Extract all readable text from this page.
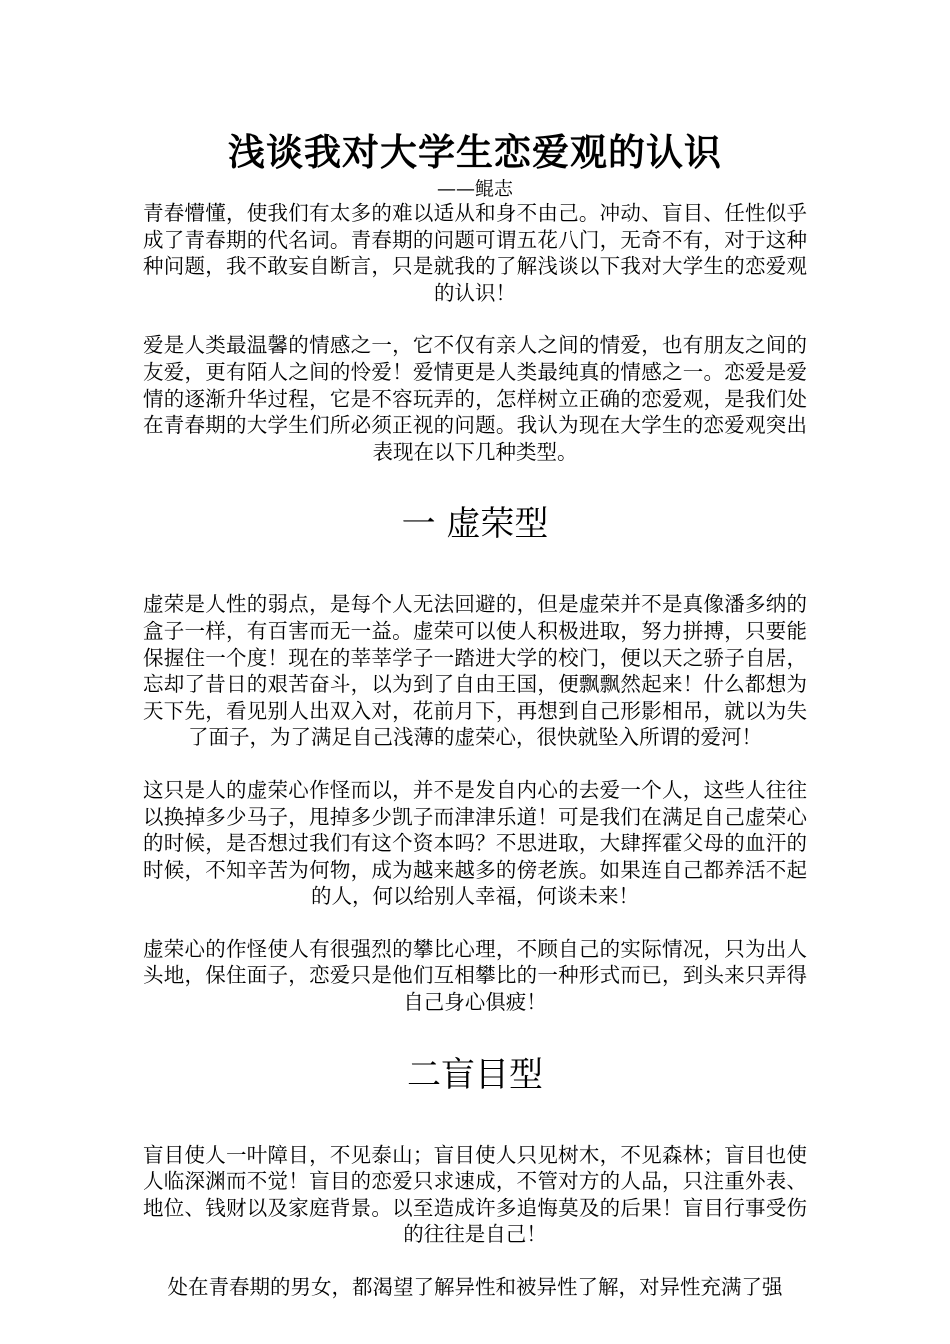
浅谈我对大学生恋爱观的认识
——鲲志

青春懵懂，使我们有太多的难以适从和身不由己。冲动、盲目、任性似乎成了青春期的代名词。青春期的问题可谓五花八门，无奇不有，对于这种种问题，我不敢妄自断言，只是就我的了解浅谈以下我对大学生的恋爱观的认识！

爱是人类最温馨的情感之一，它不仅有亲人之间的情爱，也有朋友之间的友爱，更有陌人之间的怜爱！爱情更是人类最纯真的情感之一。恋爱是爱情的逐渐升华过程，它是不容玩弄的，怎样树立正确的恋爱观，是我们处在青春期的大学生们所必须正视的问题。我认为现在大学生的恋爱观突出表现在以下几种类型。

一 虚荣型

虚荣是人性的弱点，是每个人无法回避的，但是虚荣并不是真像潘多纳的盒子一样，有百害而无一益。虚荣可以使人积极进取，努力拼搏，只要能保握住一个度！现在的莘莘学子一踏进大学的校门，便以天之骄子自居，忘却了昔日的艰苦奋斗，以为到了自由王国，便飘飘然起来！什么都想为天下先，看见别人出双入对，花前月下，再想到自己形影相吊，就以为失了面子，为了满足自己浅薄的虚荣心，很快就坠入所谓的爱河！

这只是人的虚荣心作怪而以，并不是发自内心的去爱一个人，这些人往往以换掉多少马子，甩掉多少凯子而津津乐道！可是我们在满足自己虚荣心的时候，是否想过我们有这个资本吗？不思进取，大肆挥霍父母的血汗的时候，不知辛苦为何物，成为越来越多的傍老族。如果连自己都养活不起的人，何以给别人幸福，何谈未来！

虚荣心的作怪使人有很强烈的攀比心理，不顾自己的实际情况，只为出人头地，保住面子，恋爱只是他们互相攀比的一种形式而已，到头来只弄得自己身心俱疲！

二盲目型

盲目使人一叶障目，不见泰山；盲目使人只见树木，不见森林；盲目也使人临深渊而不觉！盲目的恋爱只求速成，不管对方的人品，只注重外表、地位、钱财以及家庭背景。以至造成许多追悔莫及的后果！盲目行事受伤的往往是自己！

处在青春期的男女，都渴望了解异性和被异性了解，对异性充满了强
